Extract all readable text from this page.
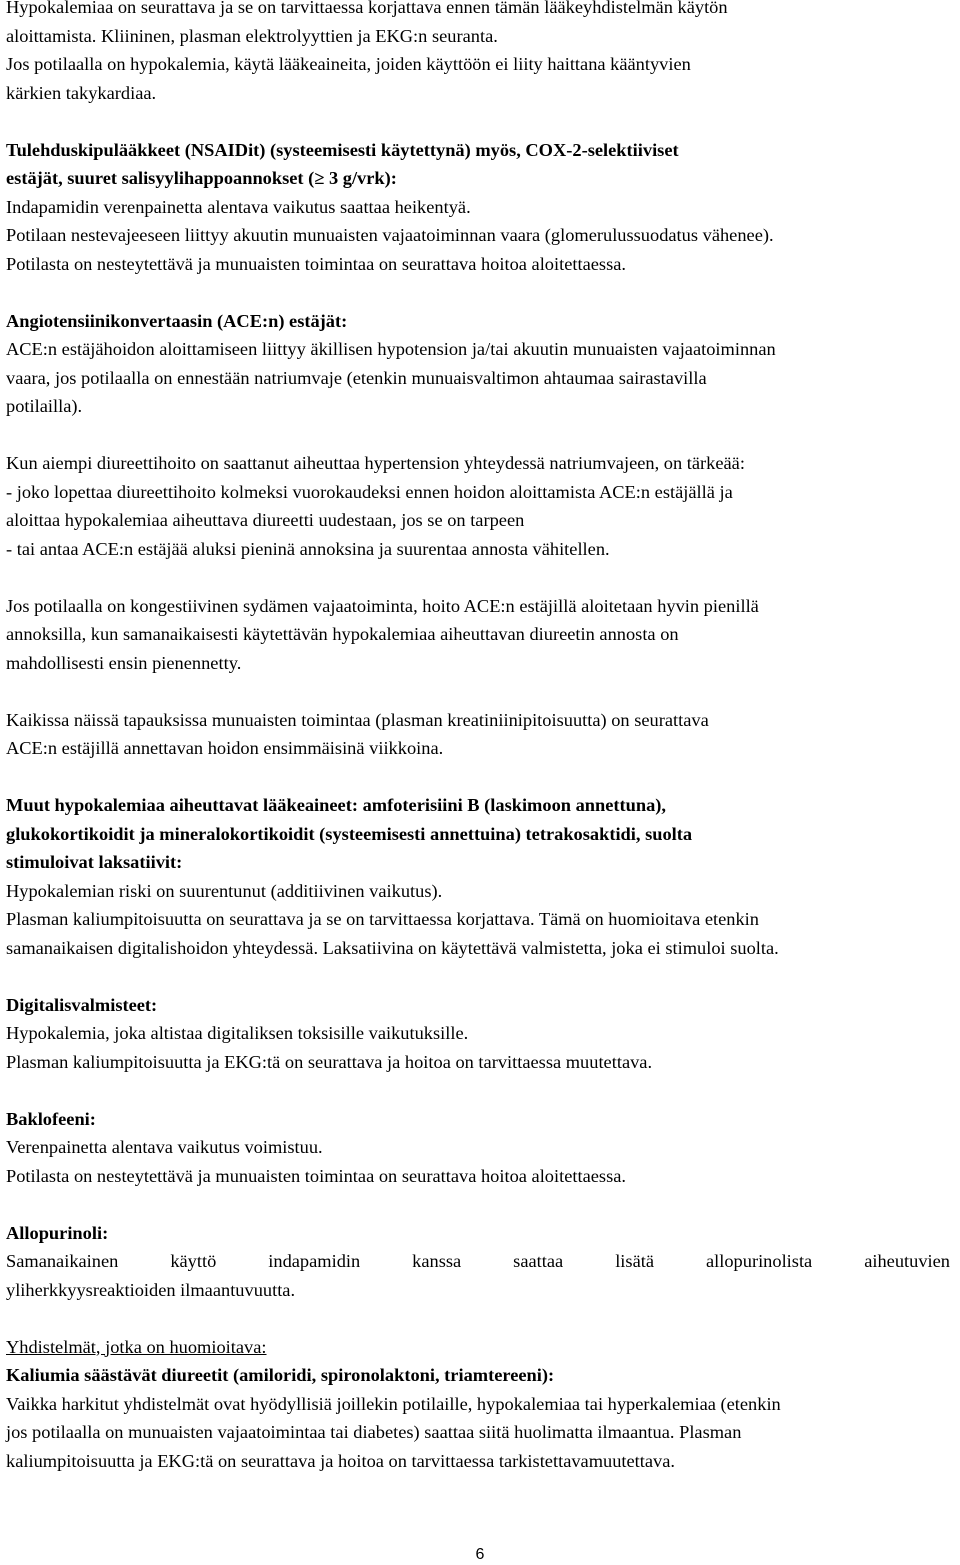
Hypokalemiaa on seurattava ja se on tarvittaessa korjattava ennen tämän lääkeyhdistelmän käytön
aloittamista. Kliininen, plasman elektrolyyttien ja EKG:n seuranta.
Jos potilaalla on hypokalemia, käytä lääkeaineita, joiden käyttöön ei liity haittana kääntyvien
kärkien takykardiaa.
Tulehduskipulääkkeet (NSAIDit) (systeemisesti käytettynä) myös, COX-2-selektiiviset
estäjät, suuret salisyylihappoannokset (≥ 3 g/vrk):
Indapamidin verenpainetta alentava vaikutus saattaa heikentyä.
Potilaan nestevajeeseen liittyy akuutin munuaisten vajaatoiminnan vaara (glomerulussuodatus vähenee).
Potilasta on nesteytettävä ja munuaisten toimintaa on seurattava hoitoa aloitettaessa.
Angiotensiinikonvertaasin (ACE:n) estäjät:
ACE:n estäjähoidon aloittamiseen liittyy äkillisen hypotension ja/tai akuutin munuaisten vajaatoiminnan
vaara, jos potilaalla on ennestään natriumvaje (etenkin munuaisvaltimon ahtaumaa sairastavilla
potilailla).
Kun aiempi diureettihoito on saattanut aiheuttaa hypertension yhteydessä natriumvajeen, on tärkeää:
- joko lopettaa diureettihoito kolmeksi vuorokaudeksi ennen hoidon aloittamista ACE:n estäjällä ja
aloittaa hypokalemiaa aiheuttava diureetti uudestaan, jos se on tarpeen
- tai antaa ACE:n estäjää aluksi pieninä annoksina ja suurentaa annosta vähitellen.
Jos potilaalla on kongestiivinen sydämen vajaatoiminta, hoito ACE:n estäjillä aloitetaan hyvin pienillä
annoksilla, kun samanaikaisesti käytettävän hypokalemiaa aiheuttavan diureetin annosta on
mahdollisesti ensin pienennetty.
Kaikissa näissä tapauksissa munuaisten toimintaa (plasman kreatiniinipitoisuutta) on seurattava
ACE:n estäjillä annettavan hoidon ensimmäisinä viikkoina.
Muut hypokalemiaa aiheuttavat lääkeaineet: amfoterisiini B (laskimoon annettuna),
glukokortikoidit ja mineralokortikoidit (systeemisesti annettuina) tetrakosaktidi, suolta
stimuloivat laksatiivit:
Hypokalemian riski on suurentunut (additiivinen vaikutus).
Plasman kaliumpitoisuutta on seurattava ja se on tarvittaessa korjattava. Tämä on huomioitava etenkin
samanaikaisen digitalishoidon yhteydessä. Laksatiivina on käytettävä valmistetta, joka ei stimuloi suolta.
Digitalisvalmisteet:
Hypokalemia, joka altistaa digitaliksen toksisille vaikutuksille.
Plasman kaliumpitoisuutta ja EKG:tä on seurattava ja hoitoa on tarvittaessa muutettava.
Baklofeeni:
Verenpainetta alentava vaikutus voimistuu.
Potilasta on nesteytettävä ja munuaisten toimintaa on seurattava hoitoa aloitettaessa.
Allopurinoli:
Samanaikainen käyttö indapamidin kanssa saattaa lisätä allopurinolista aiheutuvien
yliherkkyysreaktioiden ilmaantuvuutta.
Yhdistelmät, jotka on huomioitava:
Kaliumia säästävät diureetit (amiloridi, spironolaktoni, triamtereeni):
Vaikka harkitut yhdistelmät ovat hyödyllisiä joillekin potilaille, hypokalemiaa tai hyperkalemiaa (etenkin
jos potilaalla on munuaisten vajaatoimintaa tai diabetes) saattaa siitä huolimatta ilmaantua. Plasman
kaliumpitoisuutta ja EKG:tä on seurattava ja hoitoa on tarvittaessa tarkistettavamuutettava.
6
